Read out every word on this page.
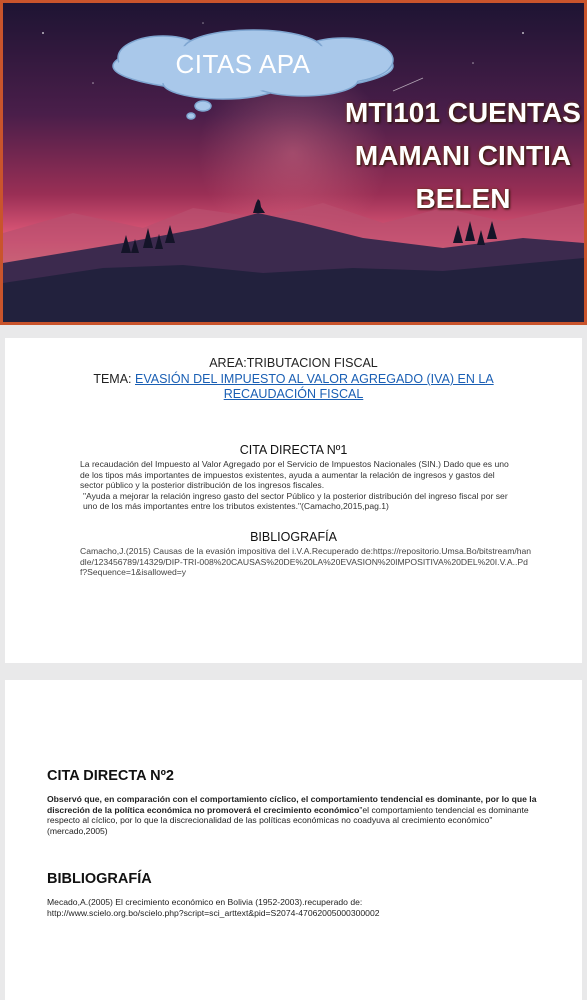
CITAS APA
MTI101 CUENTAS
MAMANI CINTIA
BELEN
AREA:TRIBUTACION FISCAL
TEMA: EVASIÓN DEL IMPUESTO AL VALOR AGREGADO (IVA) EN LA RECAUDACIÓN FISCAL
CITA DIRECTA Nº1
La recaudación del Impuesto al Valor Agregado por el Servicio de Impuestos Nacionales (SIN.) Dado que es uno de los tipos más importantes de impuestos existentes, ayuda a aumentar la relación de ingresos y gastos del sector público y la posterior distribución de los ingresos fiscales.
"Ayuda a mejorar la relación ingreso gasto del sector Público y la posterior distribución del ingreso fiscal por ser uno de los más importantes entre los tributos existentes."(Camacho,2015,pag.1)
BIBLIOGRAFÍA
Camacho,J.(2015) Causas de la evasión impositiva del i.V.A.Recuperado de:https://repositorio.Umsa.Bo/bitstream/handle/123456789/14329/DIP-TRI-008%20CAUSAS%20DE%20LA%20EVASION%20IMPOSITIVA%20DEL%20I.V.A..Pdf?Sequence=1&isallowed=y
CITA DIRECTA Nº2
Observó que, en comparación con el comportamiento cíclico, el comportamiento tendencial es dominante, por lo que la discreción de la política económica no promoverá el crecimiento económico"el comportamiento tendencial es dominante respecto al cíclico, por lo que la discrecionalidad de las políticas económicas no coadyuva al crecimiento económico"(mercado,2005)
BIBLIOGRAFÍA
Mecado,A.(2005) El crecimiento económico en Bolivia (1952-2003).recuperado de:
http://www.scielo.org.bo/scielo.php?script=sci_arttext&pid=S2074-47062005000300002
